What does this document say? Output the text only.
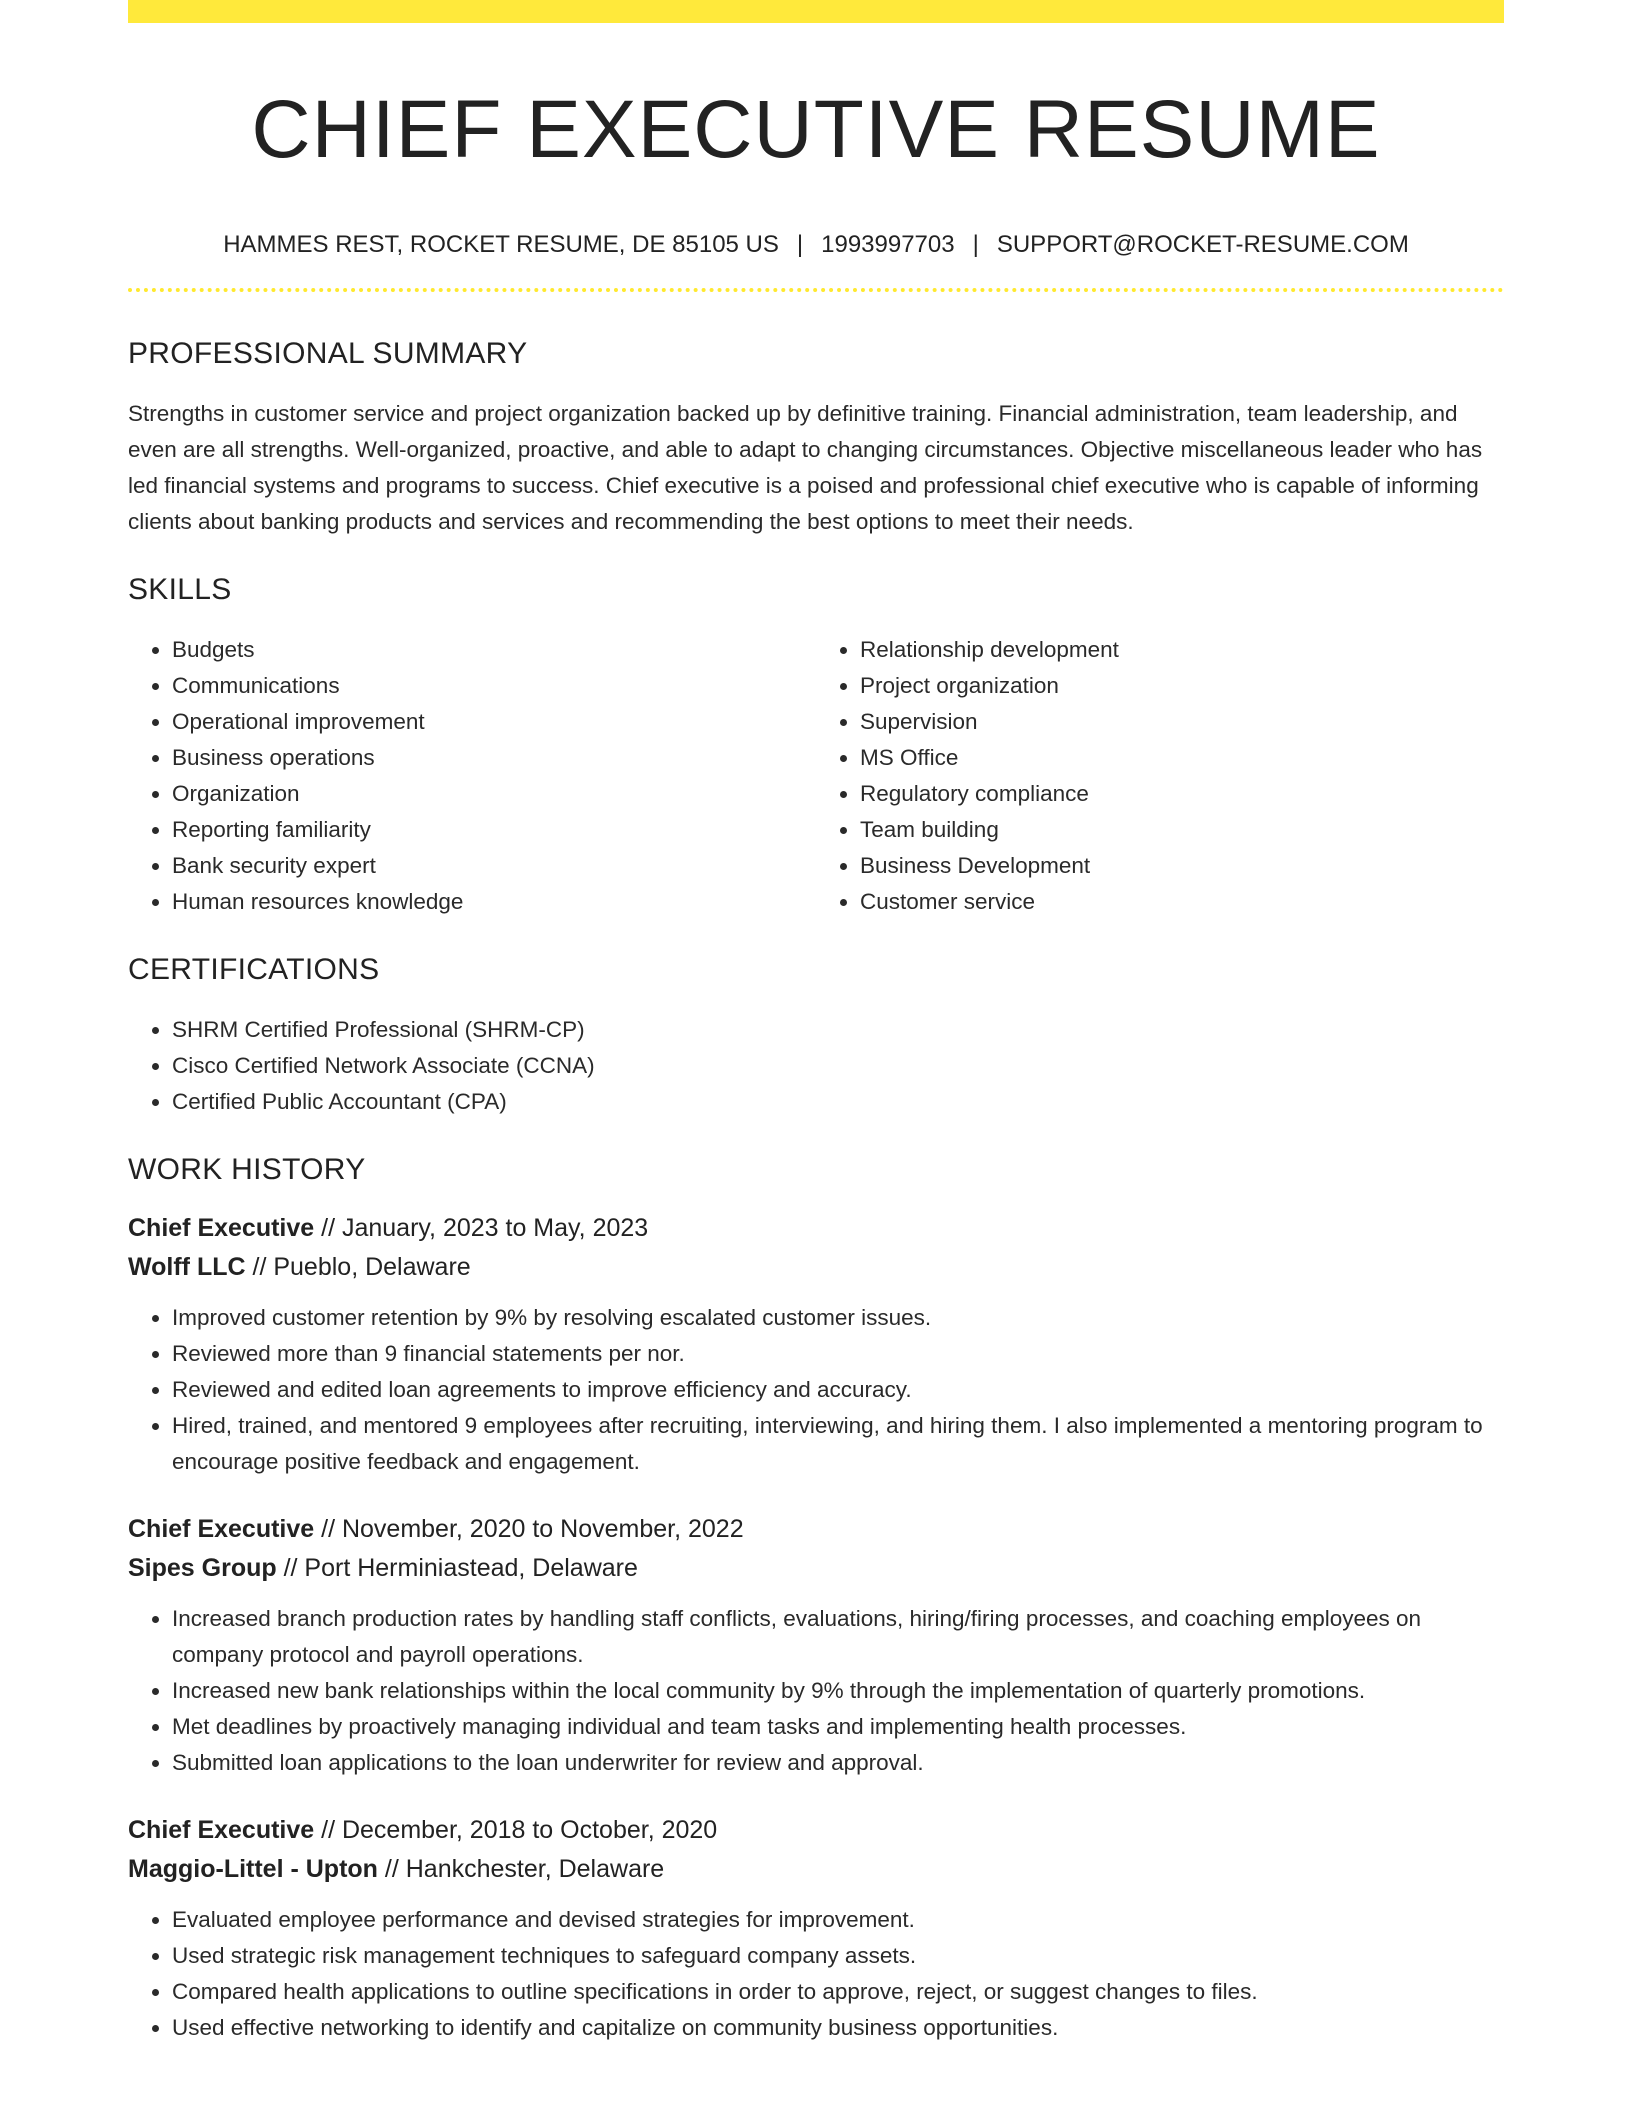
CHIEF EXECUTIVE RESUME
HAMMES REST, ROCKET RESUME, DE 85105 US | 1993997703 | SUPPORT@ROCKET-RESUME.COM
PROFESSIONAL SUMMARY
Strengths in customer service and project organization backed up by definitive training. Financial administration, team leadership, and even are all strengths. Well-organized, proactive, and able to adapt to changing circumstances. Objective miscellaneous leader who has led financial systems and programs to success. Chief executive is a poised and professional chief executive who is capable of informing clients about banking products and services and recommending the best options to meet their needs.
SKILLS
• Budgets
• Communications
• Operational improvement
• Business operations
• Organization
• Reporting familiarity
• Bank security expert
• Human resources knowledge
• Relationship development
• Project organization
• Supervision
• MS Office
• Regulatory compliance
• Team building
• Business Development
• Customer service
CERTIFICATIONS
• SHRM Certified Professional (SHRM-CP)
• Cisco Certified Network Associate (CCNA)
• Certified Public Accountant (CPA)
WORK HISTORY
Chief Executive // January, 2023 to May, 2023
Wolff LLC // Pueblo, Delaware
• Improved customer retention by 9% by resolving escalated customer issues.
• Reviewed more than 9 financial statements per nor.
• Reviewed and edited loan agreements to improve efficiency and accuracy.
• Hired, trained, and mentored 9 employees after recruiting, interviewing, and hiring them. I also implemented a mentoring program to encourage positive feedback and engagement.
Chief Executive // November, 2020 to November, 2022
Sipes Group // Port Herminiastead, Delaware
• Increased branch production rates by handling staff conflicts, evaluations, hiring/firing processes, and coaching employees on company protocol and payroll operations.
• Increased new bank relationships within the local community by 9% through the implementation of quarterly promotions.
• Met deadlines by proactively managing individual and team tasks and implementing health processes.
• Submitted loan applications to the loan underwriter for review and approval.
Chief Executive // December, 2018 to October, 2020
Maggio-Littel - Upton // Hankchester, Delaware
• Evaluated employee performance and devised strategies for improvement.
• Used strategic risk management techniques to safeguard company assets.
• Compared health applications to outline specifications in order to approve, reject, or suggest changes to files.
• Used effective networking to identify and capitalize on community business opportunities.
